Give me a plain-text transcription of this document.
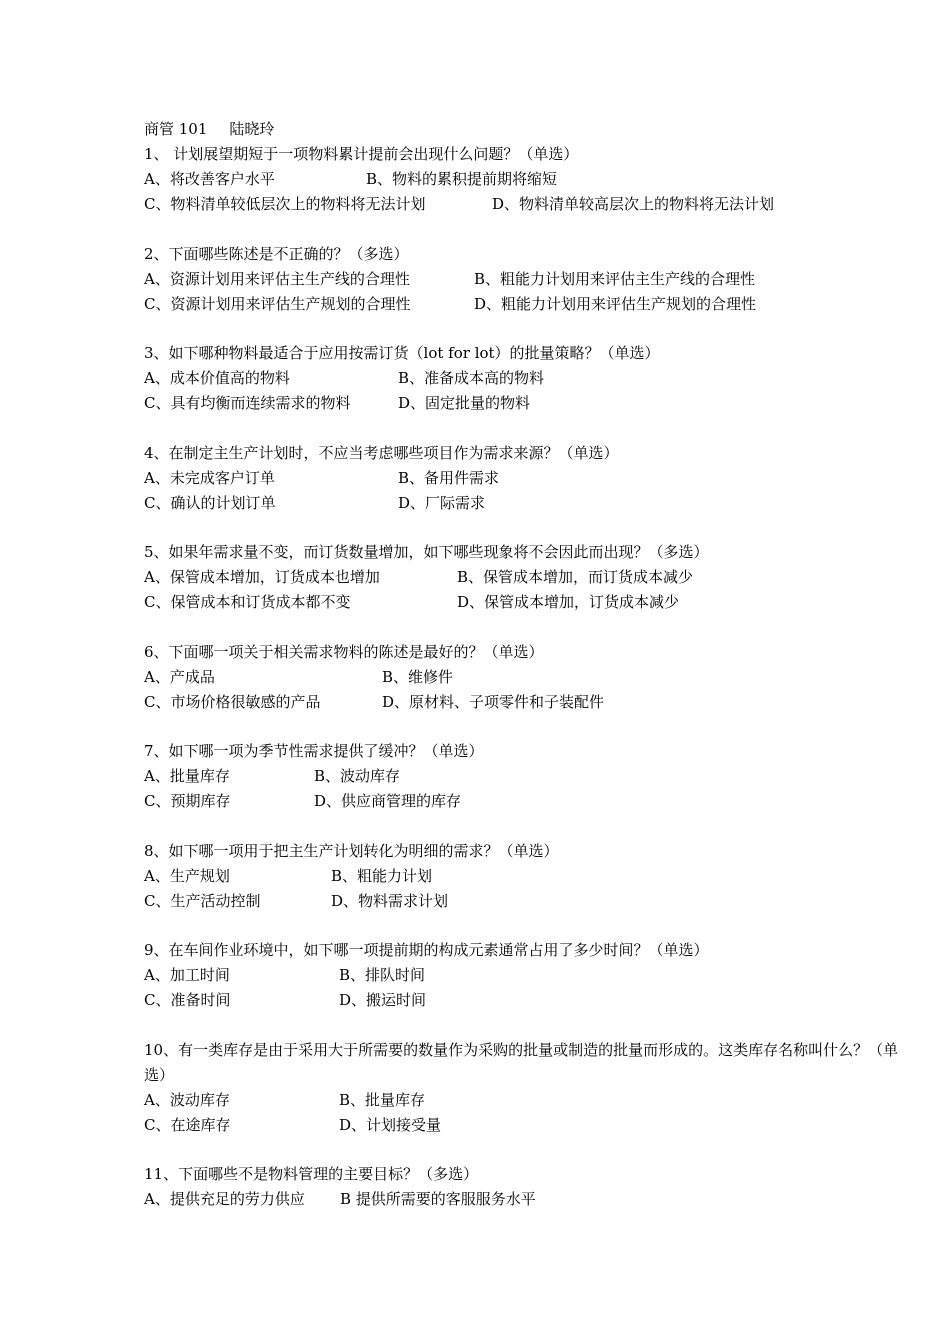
商管 101 陆晓玲
1、 计划展望期短于一项物料累计提前会出现什么问题？（单选）
A、将改善客户水平	B、物料的累积提前期将缩短
C、物料清单较低层次上的物料将无法计划	D、物料清单较高层次上的物料将无法计划
2、下面哪些陈述是不正确的？（多选）
A、资源计划用来评估主生产线的合理性	B、粗能力计划用来评估主生产线的合理性
C、资源计划用来评估生产规划的合理性	D、粗能力计划用来评估生产规划的合理性
3、如下哪种物料最适合于应用按需订货（lot for lot）的批量策略？（单选）
A、成本价值高的物料	B、准备成本高的物料
C、具有均衡而连续需求的物料	D、固定批量的物料
4、在制定主生产计划时，不应当考虑哪些项目作为需求来源？（单选）
A、未完成客户订单	B、备用件需求
C、确认的计划订单	D、厂际需求
5、如果年需求量不变，而订货数量增加，如下哪些现象将不会因此而出现？（多选）
A、保管成本增加，订货成本也增加	B、保管成本增加，而订货成本减少
C、保管成本和订货成本都不变	D、保管成本增加，订货成本减少
6、下面哪一项关于相关需求物料的陈述是最好的？（单选）
A、产成品	B、维修件
C、市场价格很敏感的产品	D、原材料、子项零件和子装配件
7、如下哪一项为季节性需求提供了缓冲？（单选）
A、批量库存	B、波动库存
C、预期库存	D、供应商管理的库存
8、如下哪一项用于把主生产计划转化为明细的需求？（单选）
A、生产规划	B、粗能力计划
C、生产活动控制	D、物料需求计划
9、在车间作业环境中，如下哪一项提前期的构成元素通常占用了多少时间？（单选）
A、加工时间	B、排队时间
C、准备时间	D、搬运时间
10、有一类库存是由于采用大于所需要的数量作为采购的批量或制造的批量而形成的。这类库存名称叫什么？（单选）
A、波动库存	B、批量库存
C、在途库存	D、计划接受量
11、下面哪些不是物料管理的主要目标？（多选）
A、提供充足的劳力供应 B 提供所需要的客服服务水平
